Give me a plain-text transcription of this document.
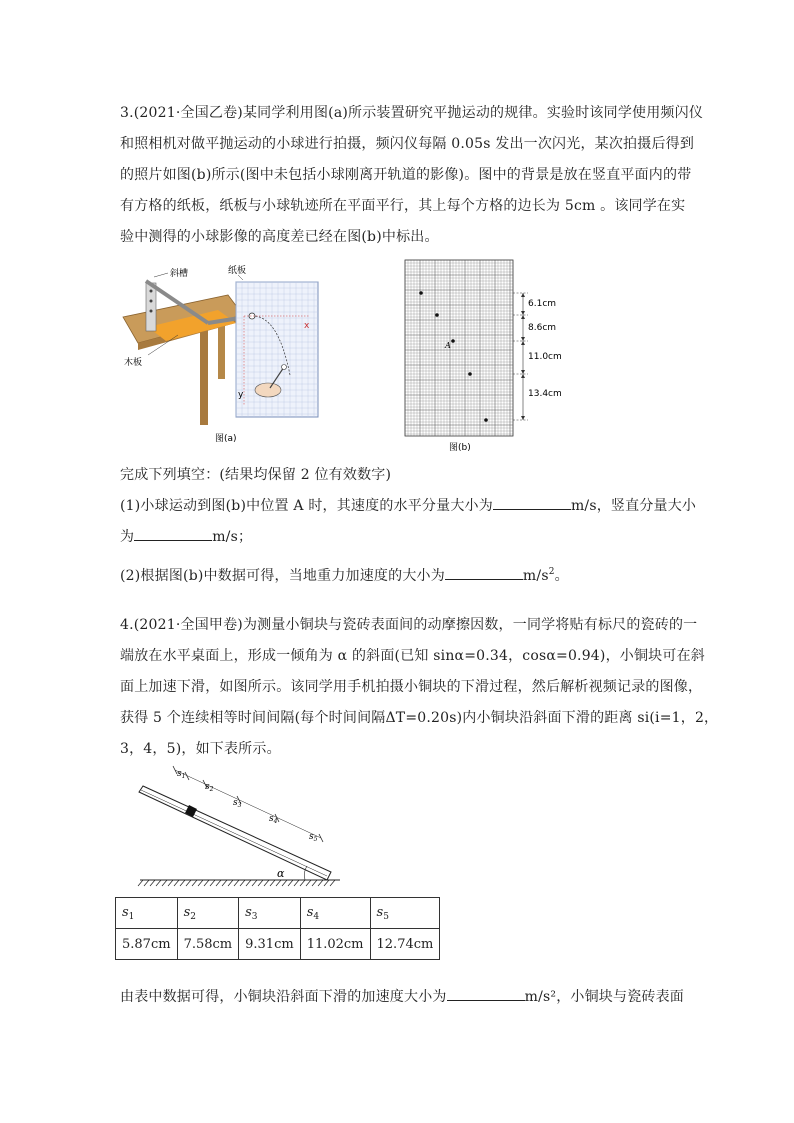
3.(2021·全国乙卷)某同学利用图(a)所示装置研究平抛运动的规律。实验时该同学使用频闪仪
和照相机对做平抛运动的小球进行拍摄，频闪仪每隔 0.05s 发出一次闪光，某次拍摄后得到
的照片如图(b)所示(图中未包括小球刚离开轨道的影像)。图中的背景是放在竖直平面内的带
有方格的纸板，纸板与小球轨迹所在平面平行，其上每个方格的边长为 5cm 。该同学在实
验中测得的小球影像的高度差已经在图(b)中标出。
斜槽	纸板
木板
x
y
图(a)
A
6.1cm
8.6cm
11.0cm
13.4cm
图(b)
完成下列填空：(结果均保留 2 位有效数字)
(1)小球运动到图(b)中位置 A 时，其速度的水平分量大小为	m/s，竖直分量大小
为	m/s；
(2)根据图(b)中数据可得，当地重力加速度的大小为	$m/s^2$。
4.(2021·全国甲卷)为测量小铜块与瓷砖表面间的动摩擦因数，一同学将贴有标尺的瓷砖的一
端放在水平桌面上，形成一倾角为 α 的斜面(已知 sinα=0.34，cosα=0.94)，小铜块可在斜
面上加速下滑，如图所示。该同学用手机拍摄小铜块的下滑过程，然后解析视频记录的图像，
获得 5 个连续相等时间间隔(每个时间间隔ΔT=0.20s)内小铜块沿斜面下滑的距离 si(i=1，2，
3，4，5)，如下表所示。
α
$s_1$
$s_2$
$s_3$
$s_4$
$s_5$
$s_1$	$s_2$	$s_3$	$s_4$	$s_5$
5.87cm	7.58cm	9.31cm	11.02cm	12.74cm
由表中数据可得，小铜块沿斜面下滑的加速度大小为	m/s²，小铜块与瓷砖表面
